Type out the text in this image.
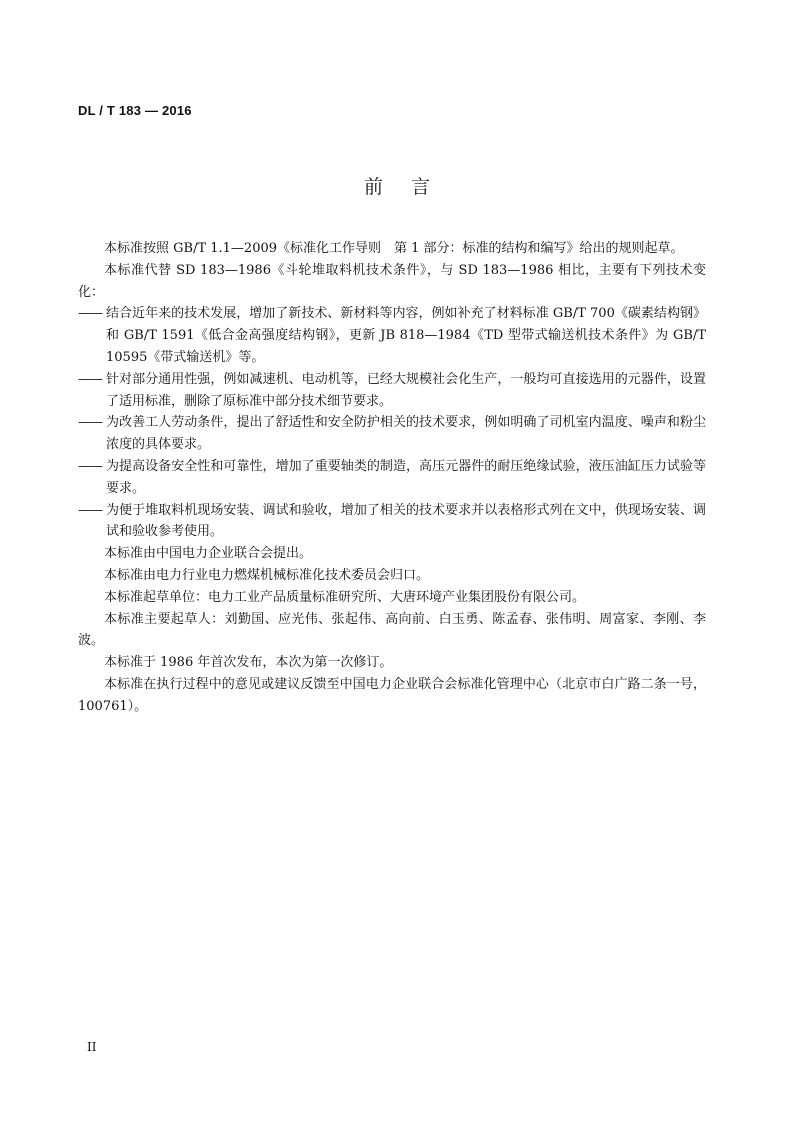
DL / T 183 — 2016
前言

本标准按照 GB/T 1.1—2009《标准化工作导则　第 1 部分：标准的结构和编写》给出的规则起草。

本标准代替 SD 183—1986《斗轮堆取料机技术条件》，与 SD 183—1986 相比，主要有下列技术变化：

—— 结合近年来的技术发展，增加了新技术、新材料等内容，例如补充了材料标准 GB/T 700《碳素结构钢》和 GB/T 1591《低合金高强度结构钢》，更新 JB 818—1984《TD 型带式输送机技术条件》为 GB/T 10595《带式输送机》等。
—— 针对部分通用性强，例如减速机、电动机等，已经大规模社会化生产，一般均可直接选用的元器件，设置了适用标准，删除了原标准中部分技术细节要求。
—— 为改善工人劳动条件，提出了舒适性和安全防护相关的技术要求，例如明确了司机室内温度、噪声和粉尘浓度的具体要求。
—— 为提高设备安全性和可靠性，增加了重要轴类的制造，高压元器件的耐压绝缘试验，液压油缸压力试验等要求。
—— 为便于堆取料机现场安装、调试和验收，增加了相关的技术要求并以表格形式列在文中，供现场安装、调试和验收参考使用。

本标准由中国电力企业联合会提出。

本标准由电力行业电力燃煤机械标准化技术委员会归口。

本标准起草单位：电力工业产品质量标准研究所、大唐环境产业集团股份有限公司。

本标准主要起草人：刘勤国、应光伟、张起伟、高向前、白玉勇、陈孟春、张伟明、周富家、李刚、李波。

本标准于 1986 年首次发布，本次为第一次修订。

本标准在执行过程中的意见或建议反馈至中国电力企业联合会标准化管理中心（北京市白广路二条一号，100761）。

II
